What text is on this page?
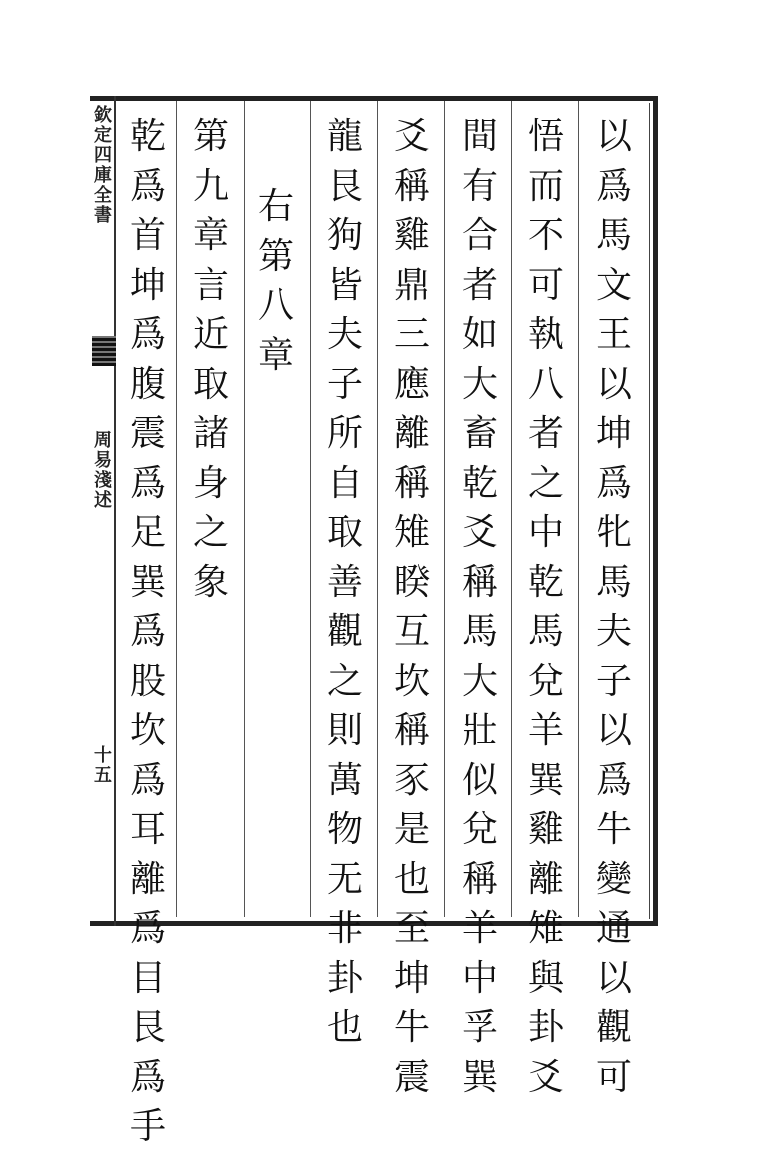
欽
定
四
庫
全
書
周
易
淺
述
十
五
以
爲
馬
文
王
以
坤
爲
牝
馬
夫
子
以
爲
牛
變
通
以
觀
可
悟
而
不
可
執
八
者
之
中
乾
馬
兌
羊
巽
雞
離
雉
與
卦
爻
間
有
合
者
如
大
畜
乾
爻
稱
馬
大
壯
似
兌
稱
羊
中
孚
巽
爻
稱
雞
鼎
三
應
離
稱
雉
睽
互
坎
稱
豕
是
也
至
坤
牛
震
龍
艮
狗
皆
夫
子
所
自
取
善
觀
之
則
萬
物
无
非
卦
也
右
第
八
章
第
九
章
言
近
取
諸
身
之
象
乾
爲
首
坤
爲
腹
震
爲
足
巽
爲
股
坎
爲
耳
離
爲
目
艮
爲
手
